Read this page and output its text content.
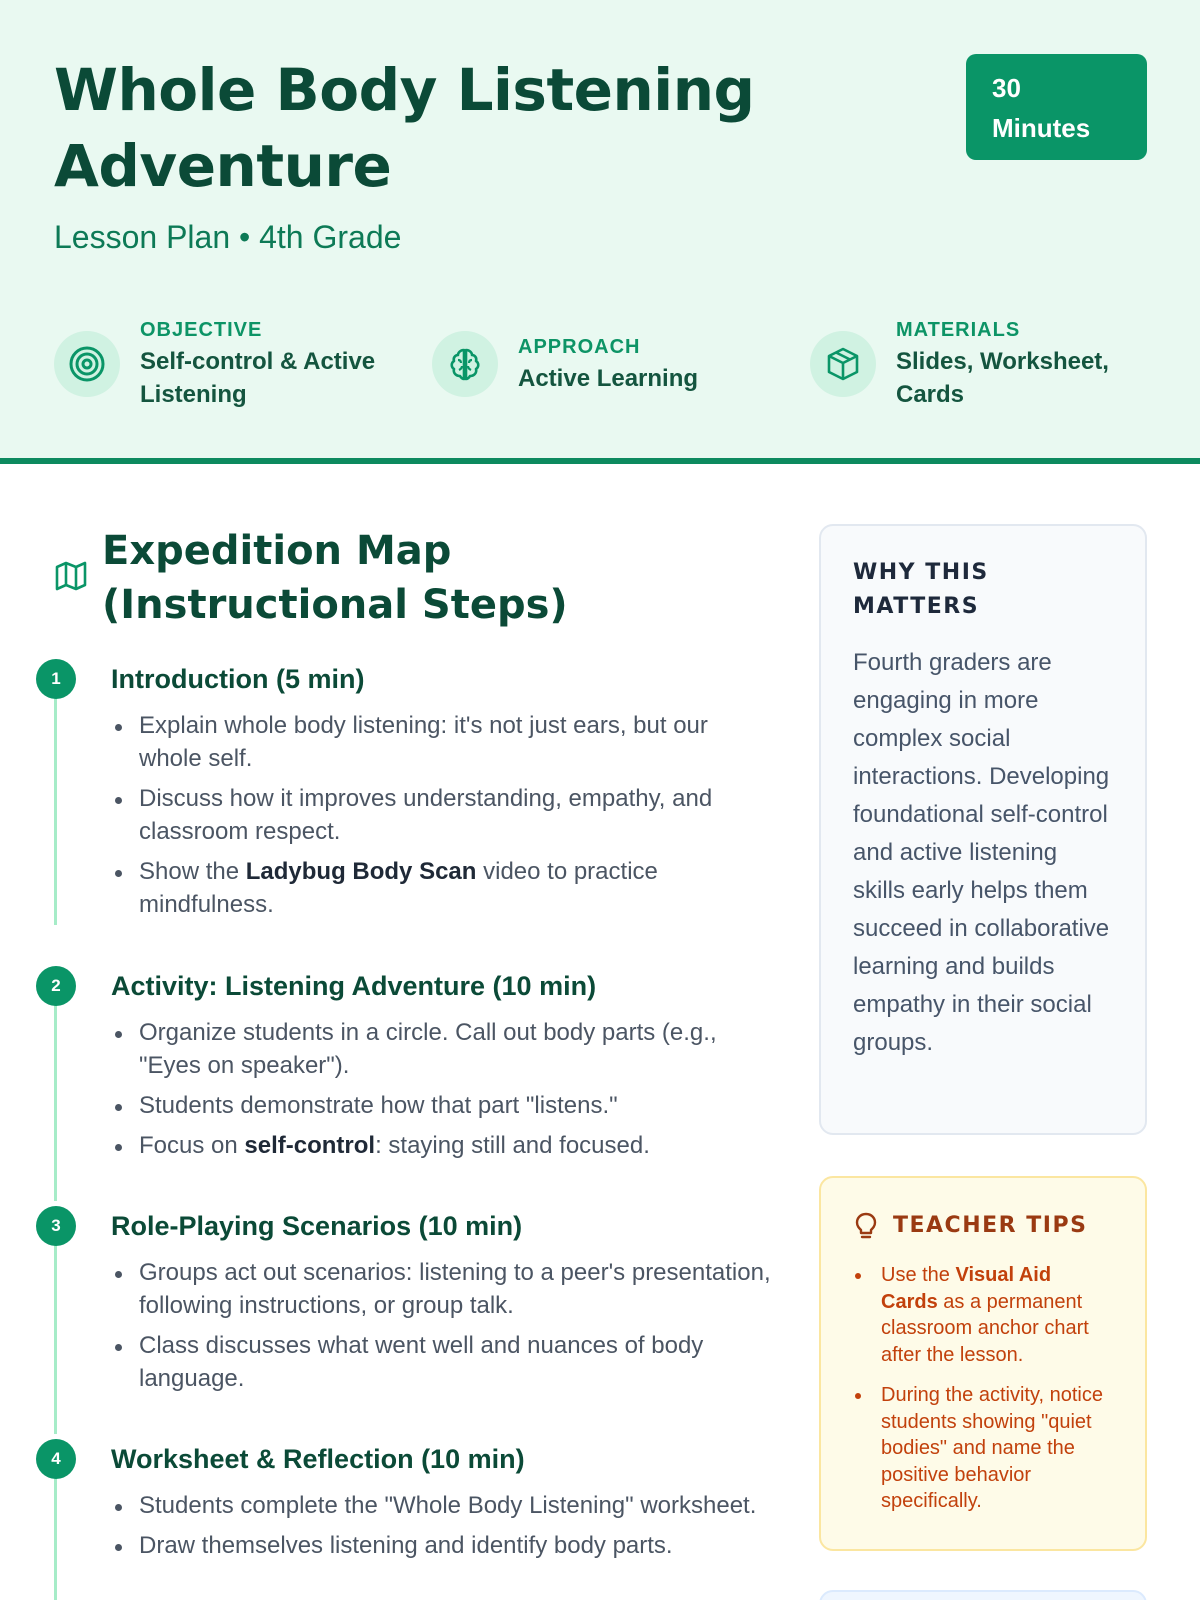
Whole Body Listening Adventure
Lesson Plan • 4th Grade
30
Minutes
OBJECTIVE
Self-control & Active Listening
APPROACH
Active Learning
MATERIALS
Slides, Worksheet, Cards
Expedition Map (Instructional Steps)
1	Introduction (5 min)
Explain whole body listening: it's not just ears, but our whole self.
Discuss how it improves understanding, empathy, and classroom respect.
Show the Ladybug Body Scan video to practice mindfulness.
2	Activity: Listening Adventure (10 min)
Organize students in a circle. Call out body parts (e.g., "Eyes on speaker").
Students demonstrate how that part "listens."
Focus on self-control: staying still and focused.
3	Role-Playing Scenarios (10 min)
Groups act out scenarios: listening to a peer's presentation, following instructions, or group talk.
Class discusses what went well and nuances of body language.
4	Worksheet & Reflection (10 min)
Students complete the "Whole Body Listening" worksheet.
Draw themselves listening and identify body parts.
WHY THIS MATTERS

Fourth graders are engaging in more complex social interactions. Developing foundational self-control and active listening skills early helps them succeed in collaborative learning and builds empathy in their social groups.

TEACHER TIPS
Use the Visual Aid Cards as a permanent classroom anchor chart after the lesson.
During the activity, notice students showing "quiet bodies" and name the positive behavior specifically.
